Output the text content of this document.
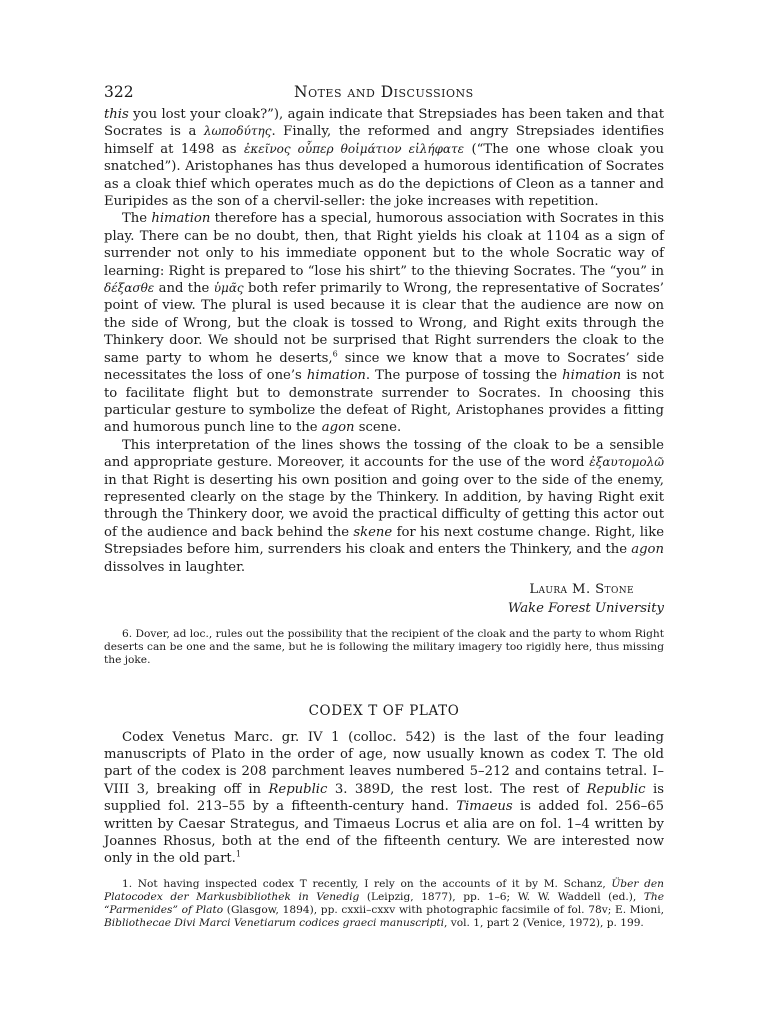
322	Notes and Discussions

this you lost your cloak?”), again indicate that Strepsiades has been taken and that Socrates is a λωποδύτης. Finally, the reformed and angry Strepsiades identifies himself at 1498 as ἐκεῖνος οὗπερ θοἰμάτιον εἰλήφατε (“The one whose cloak you snatched”). Aristophanes has thus developed a humorous identification of Socrates as a cloak thief which operates much as do the depictions of Cleon as a tanner and Euripides as the son of a chervil-seller: the joke increases with repetition.

The himation therefore has a special, humorous association with Socrates in this play. There can be no doubt, then, that Right yields his cloak at 1104 as a sign of surrender not only to his immediate opponent but to the whole Socratic way of learning: Right is prepared to “lose his shirt” to the thieving Socrates. The “you” in δέξασθε and the ὑμᾶς both refer primarily to Wrong, the representative of Socrates’ point of view. The plural is used because it is clear that the audience are now on the side of Wrong, but the cloak is tossed to Wrong, and Right exits through the Thinkery door. We should not be surprised that Right surrenders the cloak to the same party to whom he deserts,$^6$ since we know that a move to Socrates’ side necessitates the loss of one’s himation. The purpose of tossing the himation is not to facilitate flight but to demonstrate surrender to Socrates. In choosing this particular gesture to symbolize the defeat of Right, Aristophanes provides a fitting and humorous punch line to the agon scene.

This interpretation of the lines shows the tossing of the cloak to be a sensible and appropriate gesture. Moreover, it accounts for the use of the word ἐξαυτομολῶ in that Right is deserting his own position and going over to the side of the enemy, represented clearly on the stage by the Thinkery. In addition, by having Right exit through the Thinkery door, we avoid the practical difficulty of getting this actor out of the audience and back behind the skene for his next costume change. Right, like Strepsiades before him, surrenders his cloak and enters the Thinkery, and the agon dissolves in laughter.

Laura M. Stone
Wake Forest University

6. Dover, ad loc., rules out the possibility that the recipient of the cloak and the party to whom Right deserts can be one and the same, but he is following the military imagery too rigidly here, thus missing the joke.

CODEX T OF PLATO

Codex Venetus Marc. gr. IV 1 (colloc. 542) is the last of the four leading manuscripts of Plato in the order of age, now usually known as codex T. The old part of the codex is 208 parchment leaves numbered 5–212 and contains tetral. I–VIII 3, breaking off in Republic 3. 389D, the rest lost. The rest of Republic is supplied fol. 213–55 by a fifteenth-century hand. Timaeus is added fol. 256–65 written by Caesar Strategus, and Timaeus Locrus et alia are on fol. 1–4 written by Joannes Rhosus, both at the end of the fifteenth century. We are interested now only in the old part.$^1$

1. Not having inspected codex T recently, I rely on the accounts of it by M. Schanz, Über den Platocodex der Markusbibliothek in Venedig (Leipzig, 1877), pp. 1–6; W. W. Waddell (ed.), The “Parmenides” of Plato (Glasgow, 1894), pp. cxxii–cxxv with photographic facsimile of fol. 78v; E. Mioni, Bibliothecae Divi Marci Venetiarum codices graeci manuscripti, vol. 1, part 2 (Venice, 1972), p. 199.
